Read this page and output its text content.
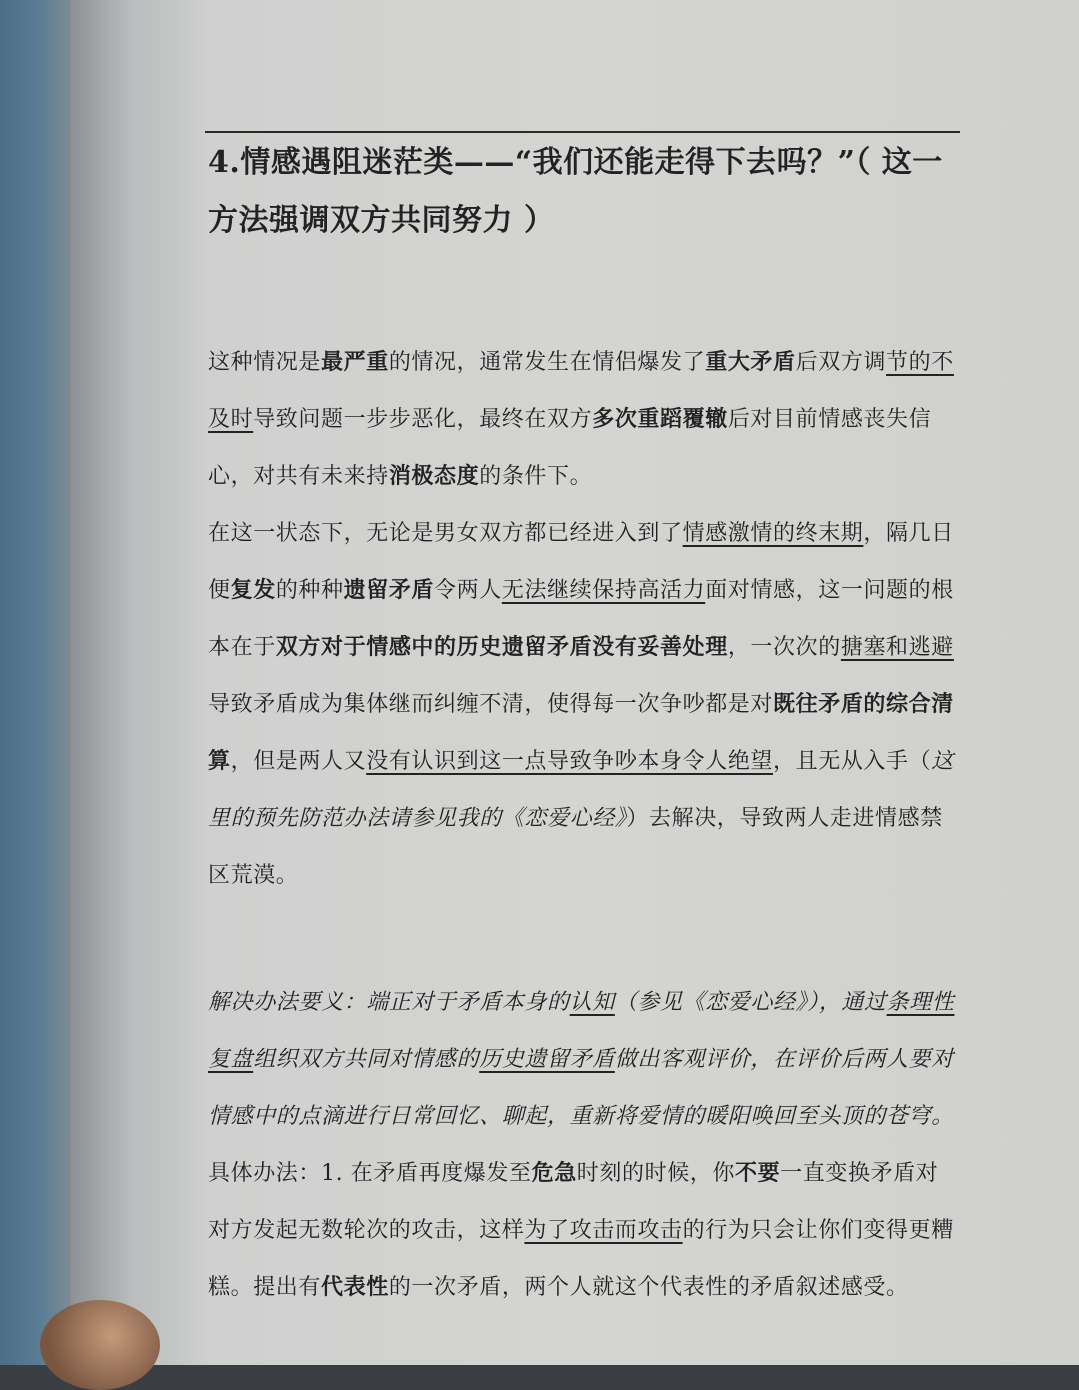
4.情感遇阻迷茫类——“我们还能走得下去吗？”（ 这一方法强调双方共同努力 ）

这种情况是最严重的情况，通常发生在情侣爆发了重大矛盾后双方调节的不及时导致问题一步步恶化，最终在双方多次重蹈覆辙后对目前情感丧失信心，对共有未来持消极态度的条件下。

在这一状态下，无论是男女双方都已经进入到了情感激情的终末期，隔几日便复发的种种遗留矛盾令两人无法继续保持高活力面对情感，这一问题的根本在于双方对于情感中的历史遗留矛盾没有妥善处理，一次次的搪塞和逃避导致矛盾成为集体继而纠缠不清，使得每一次争吵都是对既往矛盾的综合清算，但是两人又没有认识到这一点导致争吵本身令人绝望，且无从入手（这里的预先防范办法请参见我的《恋爱心经》）去解决，导致两人走进情感禁区荒漠。

解决办法要义：端正对于矛盾本身的认知（参见《恋爱心经》），通过条理性复盘组织双方共同对情感的历史遗留矛盾做出客观评价，在评价后两人要对情感中的点滴进行日常回忆、聊起，重新将爱情的暖阳唤回至头顶的苍穹。

具体办法：1. 在矛盾再度爆发至危急时刻的时候，你不要一直变换矛盾对对方发起无数轮次的攻击，这样为了攻击而攻击的行为只会让你们变得更糟糕。提出有代表性的一次矛盾，两个人就这个代表性的矛盾叙述感受。
